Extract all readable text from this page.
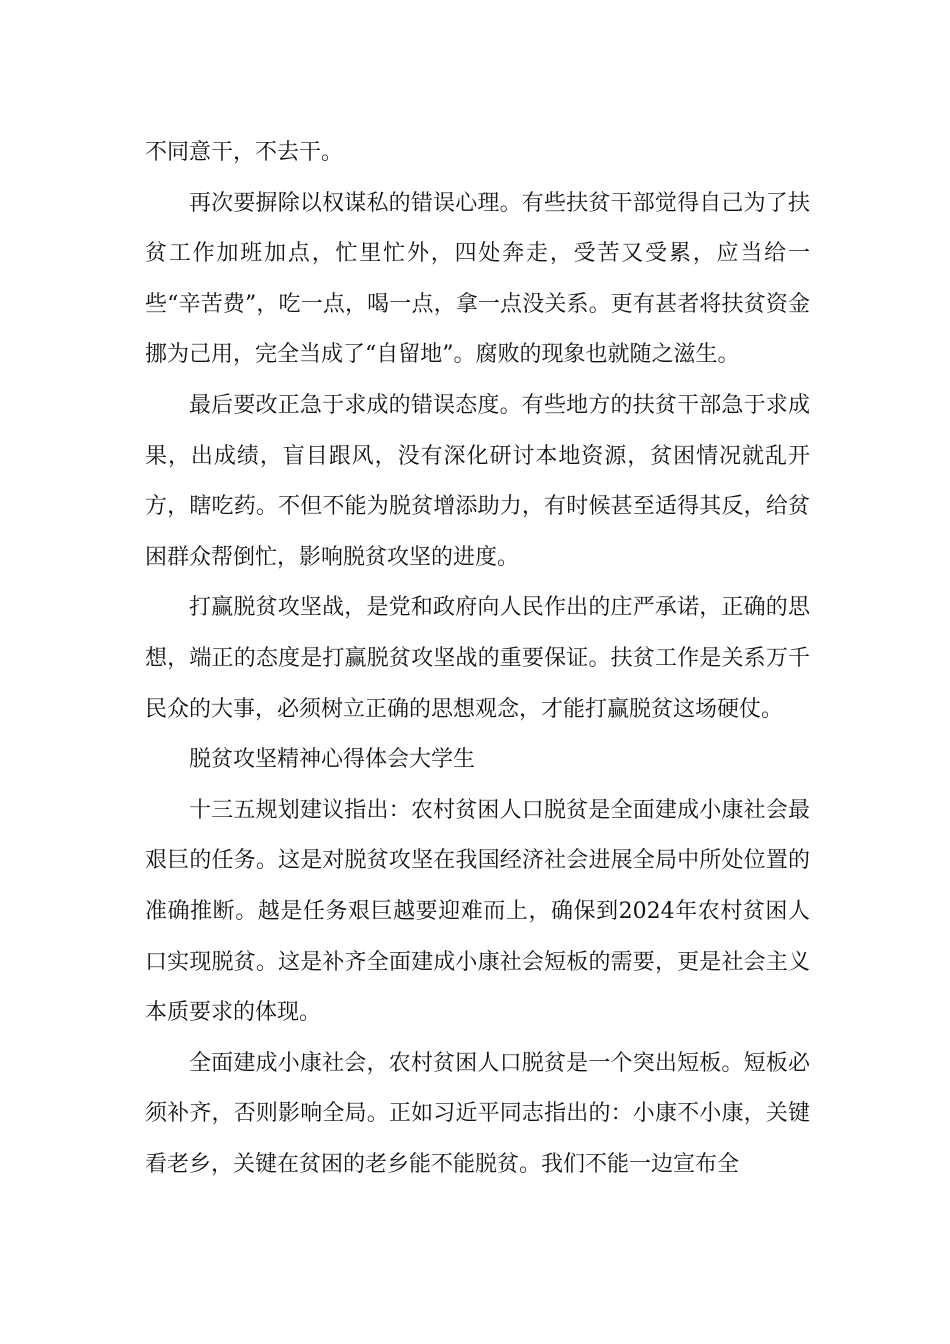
不同意干，不去干。

再次要摒除以权谋私的错误心理。有些扶贫干部觉得自己为了扶贫工作加班加点，忙里忙外，四处奔走，受苦又受累，应当给一些“辛苦费”，吃一点，喝一点，拿一点没关系。更有甚者将扶贫资金挪为己用，完全当成了“自留地”。腐败的现象也就随之滋生。

最后要改正急于求成的错误态度。有些地方的扶贫干部急于求成果，出成绩，盲目跟风，没有深化研讨本地资源，贫困情况就乱开方，瞎吃药。不但不能为脱贫增添助力，有时候甚至适得其反，给贫困群众帮倒忙，影响脱贫攻坚的进度。

打赢脱贫攻坚战，是党和政府向人民作出的庄严承诺，正确的思想，端正的态度是打赢脱贫攻坚战的重要保证。扶贫工作是关系万千民众的大事，必须树立正确的思想观念，才能打赢脱贫这场硬仗。

脱贫攻坚精神心得体会大学生

十三五规划建议指出：农村贫困人口脱贫是全面建成小康社会最艰巨的任务。这是对脱贫攻坚在我国经济社会进展全局中所处位置的准确推断。越是任务艰巨越要迎难而上，确保到2024年农村贫困人口实现脱贫。这是补齐全面建成小康社会短板的需要，更是社会主义本质要求的体现。

全面建成小康社会，农村贫困人口脱贫是一个突出短板。短板必须补齐，否则影响全局。正如习近平同志指出的：小康不小康，关键看老乡，关键在贫困的老乡能不能脱贫。我们不能一边宣布全
